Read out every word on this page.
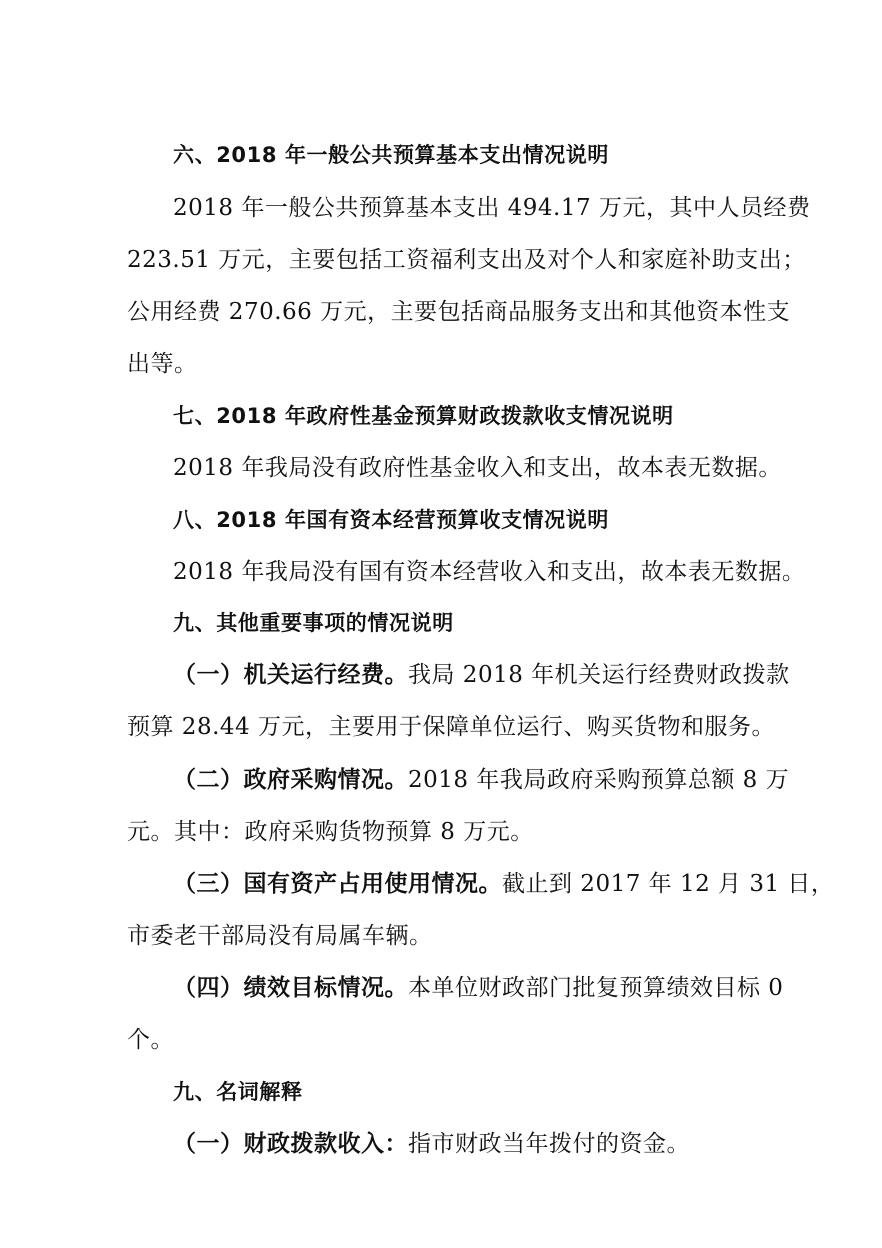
六、2018 年一般公共预算基本支出情况说明
2018 年一般公共预算基本支出 494.17 万元，其中人员经费
223.51 万元，主要包括工资福利支出及对个人和家庭补助支出；
公用经费 270.66 万元，主要包括商品服务支出和其他资本性支
出等。
七、2018 年政府性基金预算财政拨款收支情况说明
2018 年我局没有政府性基金收入和支出，故本表无数据。
八、2018 年国有资本经营预算收支情况说明
2018 年我局没有国有资本经营收入和支出，故本表无数据。
九、其他重要事项的情况说明
（一）机关运行经费。我局 2018 年机关运行经费财政拨款
预算 28.44 万元，主要用于保障单位运行、购买货物和服务。
（二）政府采购情况。2018 年我局政府采购预算总额 8 万
元。其中：政府采购货物预算 8 万元。
（三）国有资产占用使用情况。截止到 2017 年 12 月 31 日，
市委老干部局没有局属车辆。
（四）绩效目标情况。本单位财政部门批复预算绩效目标 0
个。
九、名词解释
（一）财政拨款收入：指市财政当年拨付的资金。
